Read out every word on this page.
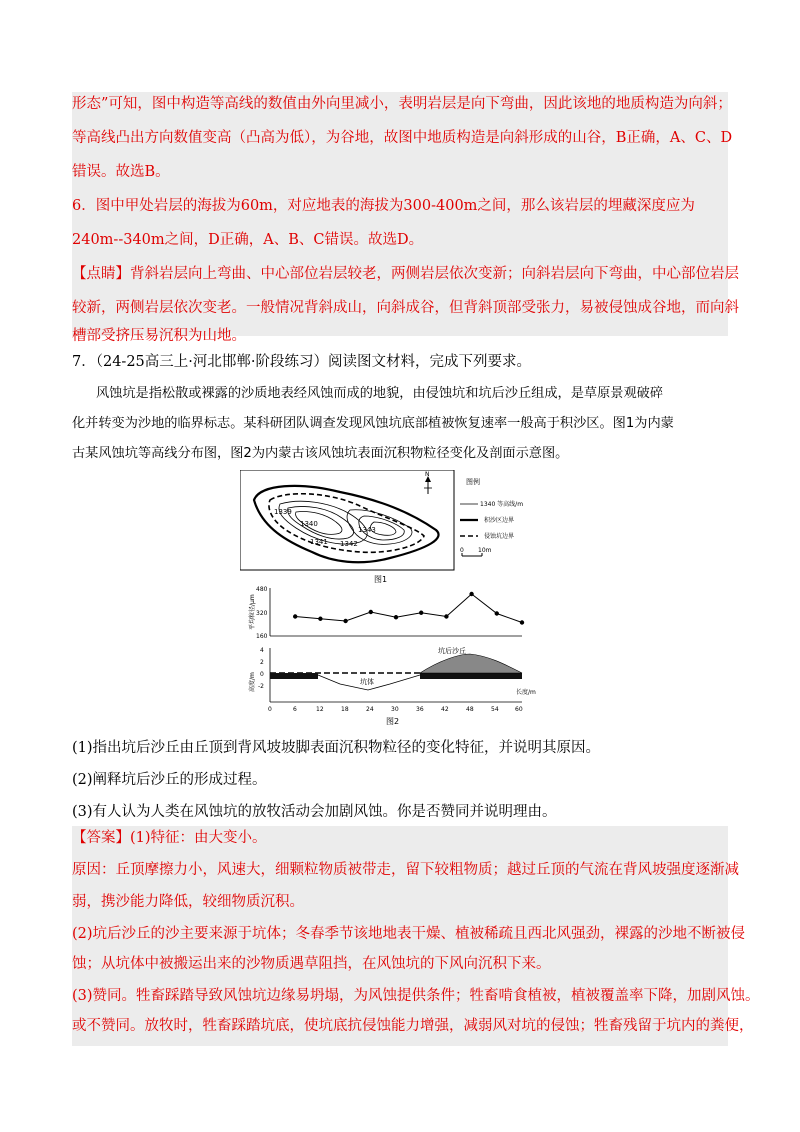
形态”可知，图中构造等高线的数值由外向里减小，表明岩层是向下弯曲，因此该地的地质构造为向斜；
等高线凸出方向数值变高（凸高为低），为谷地，故图中地质构造是向斜形成的山谷，B正确，A、C、D
错误。故选B。
6．图中甲处岩层的海拔为60m，对应地表的海拔为300-400m之间，那么该岩层的埋藏深度应为
240m--340m之间，D正确，A、B、C错误。故选D。
【点睛】背斜岩层向上弯曲、中心部位岩层较老，两侧岩层依次变新；向斜岩层向下弯曲，中心部位岩层
较新，两侧岩层依次变老。一般情况背斜成山，向斜成谷，但背斜顶部受张力，易被侵蚀成谷地，而向斜
槽部受挤压易沉积为山地。
7．（24-25高三上·河北邯郸·阶段练习）阅读图文材料，完成下列要求。
风蚀坑是指松散或裸露的沙质地表经风蚀而成的地貌，由侵蚀坑和坑后沙丘组成，是草原景观破碎
化并转变为沙地的临界标志。某科研团队调查发现风蚀坑底部植被恢复速率一般高于积沙区。图1为内蒙
古某风蚀坑等高线分布图，图2为内蒙古该风蚀坑表面沉积物粒径变化及剖面示意图。
1339
1340
1341 1342
1343
N
图例
1340 等高线/m
积沙区边界
侵蚀坑边界
0 10m
图1
平均粒径/μm
480
320
160
高度/m
4
2
0
-2
坑体
坑后沙丘
0	6	12	18	24	30	36	42	48	54	60
长度/m
图2
(1)指出坑后沙丘由丘顶到背风坡坡脚表面沉积物粒径的变化特征，并说明其原因。
(2)阐释坑后沙丘的形成过程。
(3)有人认为人类在风蚀坑的放牧活动会加剧风蚀。你是否赞同并说明理由。
【答案】(1)特征：由大变小。
原因：丘顶摩擦力小，风速大，细颗粒物质被带走，留下较粗物质；越过丘顶的气流在背风坡强度逐渐减
弱，携沙能力降低，较细物质沉积。
(2)坑后沙丘的沙主要来源于坑体；冬春季节该地地表干燥、植被稀疏且西北风强劲，裸露的沙地不断被侵
蚀；从坑体中被搬运出来的沙物质遇草阻挡，在风蚀坑的下风向沉积下来。
(3)赞同。牲畜踩踏导致风蚀坑边缘易坍塌，为风蚀提供条件；牲畜啃食植被，植被覆盖率下降，加剧风蚀。
或不赞同。放牧时，牲畜踩踏坑底，使坑底抗侵蚀能力增强，减弱风对坑的侵蚀；牲畜残留于坑内的粪便，
